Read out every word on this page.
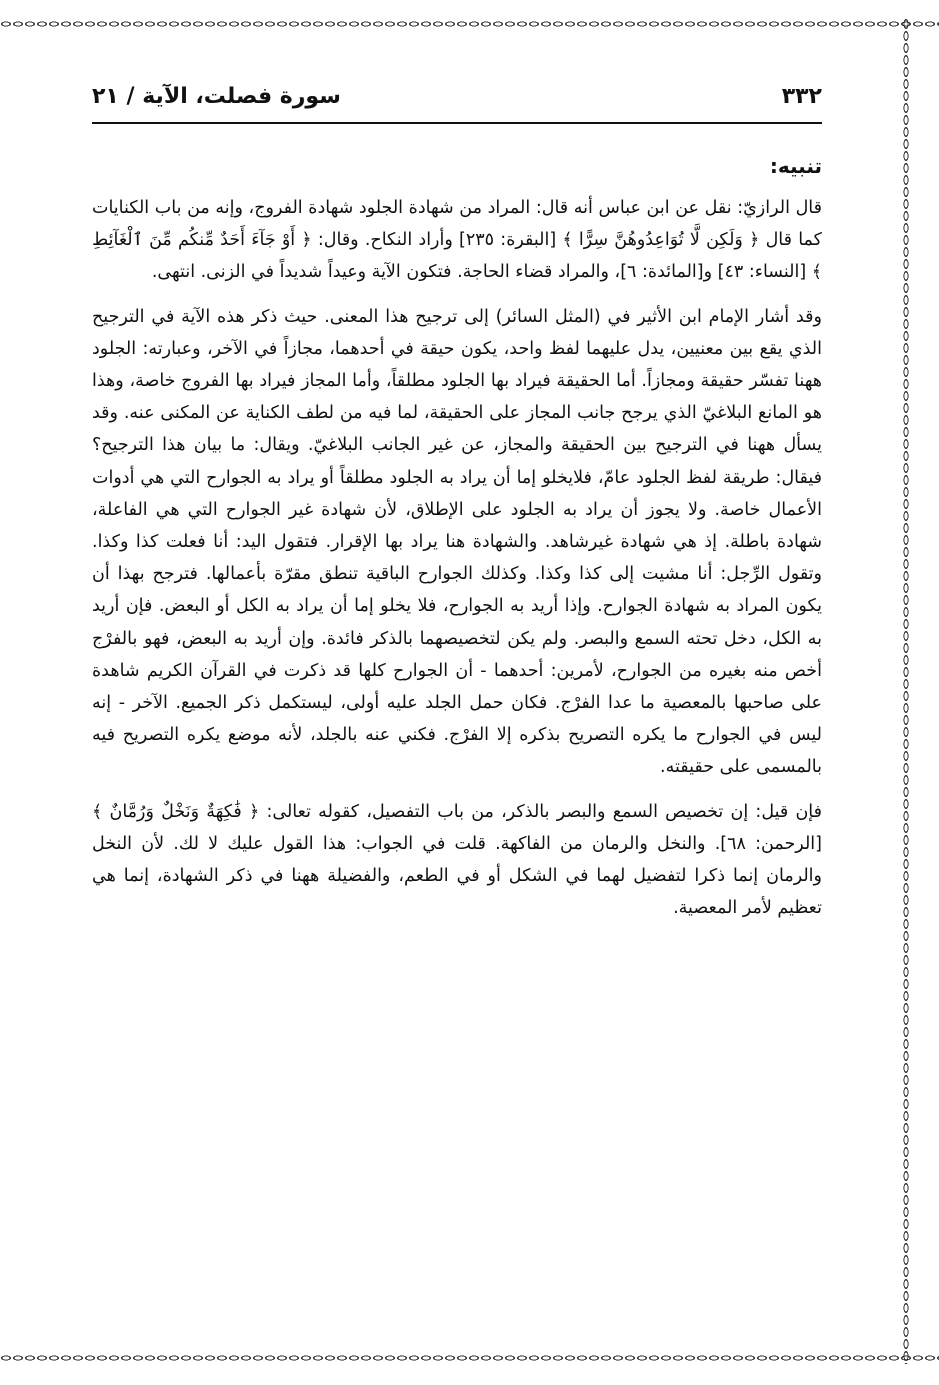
٣٣٢
سورة فصلت، الآية / ٢١
تنبيه:

قال الرازيّ: نقل عن ابن عباس أنه قال: المراد من شهادة الجلود شهادة الفروج، وإنه من باب الكنايات كما قال ﴿ وَلَكِن لَّا تُوَاعِدُوهُنَّ سِرًّا ﴾ [البقرة: ٢٣٥] وأراد النكاح. وقال: ﴿ أَوْ جَآءَ أَحَدٌ مِّنكُم مِّنَ ٱلْغَآئِطِ ﴾ [النساء: ٤٣] و[المائدة: ٦]، والمراد قضاء الحاجة. فتكون الآية وعيداً شديداً في الزنى. انتهى.

وقد أشار الإمام ابن الأثير في (المثل السائر) إلى ترجيح هذا المعنى. حيث ذكر هذه الآية في الترجيح الذي يقع بين معنيين، يدل عليهما لفظ واحد، يكون حيقة في أحدهما، مجازاً في الآخر، وعبارته: الجلود ههنا تفسّر حقيقة ومجازاً. أما الحقيقة فيراد بها الجلود مطلقاً، وأما المجاز فيراد بها الفروج خاصة، وهذا هو المانع البلاغيّ الذي يرجح جانب المجاز على الحقيقة، لما فيه من لطف الكناية عن المكنى عنه. وقد يسأل ههنا في الترجيح بين الحقيقة والمجاز، عن غير الجانب البلاغيّ. ويقال: ما بيان هذا الترجيح؟ فيقال: طريقة لفظ الجلود عامّ، فلايخلو إما أن يراد به الجلود مطلقاً أو يراد به الجوارح التي هي أدوات الأعمال خاصة. ولا يجوز أن يراد به الجلود على الإطلاق، لأن شهادة غير الجوارح التي هي الفاعلة، شهادة باطلة. إذ هي شهادة غيرشاهد. والشهادة هنا يراد بها الإقرار. فتقول اليد: أنا فعلت كذا وكذا. وتقول الرِّجل: أنا مشيت إلى كذا وكذا. وكذلك الجوارح الباقية تنطق مقرّة بأعمالها. فترجح بهذا أن يكون المراد به شهادة الجوارح. وإذا أريد به الجوارح، فلا يخلو إما أن يراد به الكل أو البعض. فإن أريد به الكل، دخل تحته السمع والبصر. ولم يكن لتخصيصهما بالذكر فائدة. وإن أريد به البعض، فهو بالفرْج أخص منه بغيره من الجوارح، لأمرين: أحدهما - أن الجوارح كلها قد ذكرت في القرآن الكريم شاهدة على صاحبها بالمعصية ما عدا الفرْج. فكان حمل الجلد عليه أولى، ليستكمل ذكر الجميع. الآخر - إنه ليس في الجوارح ما يكره التصريح بذكره إلا الفرْج. فكني عنه بالجلد، لأنه موضع يكره التصريح فيه بالمسمى على حقيقته.

فإن قيل: إن تخصيص السمع والبصر بالذكر، من باب التفصيل، كقوله تعالى: ﴿ فَٰكِهَةٌ وَنَخْلٌ وَرُمَّانٌ ﴾ [الرحمن: ٦٨]. والنخل والرمان من الفاكهة. قلت في الجواب: هذا القول عليك لا لك. لأن النخل والرمان إنما ذكرا لتفضيل لهما في الشكل أو في الطعم، والفضيلة ههنا في ذكر الشهادة، إنما هي تعظيم لأمر المعصية.
